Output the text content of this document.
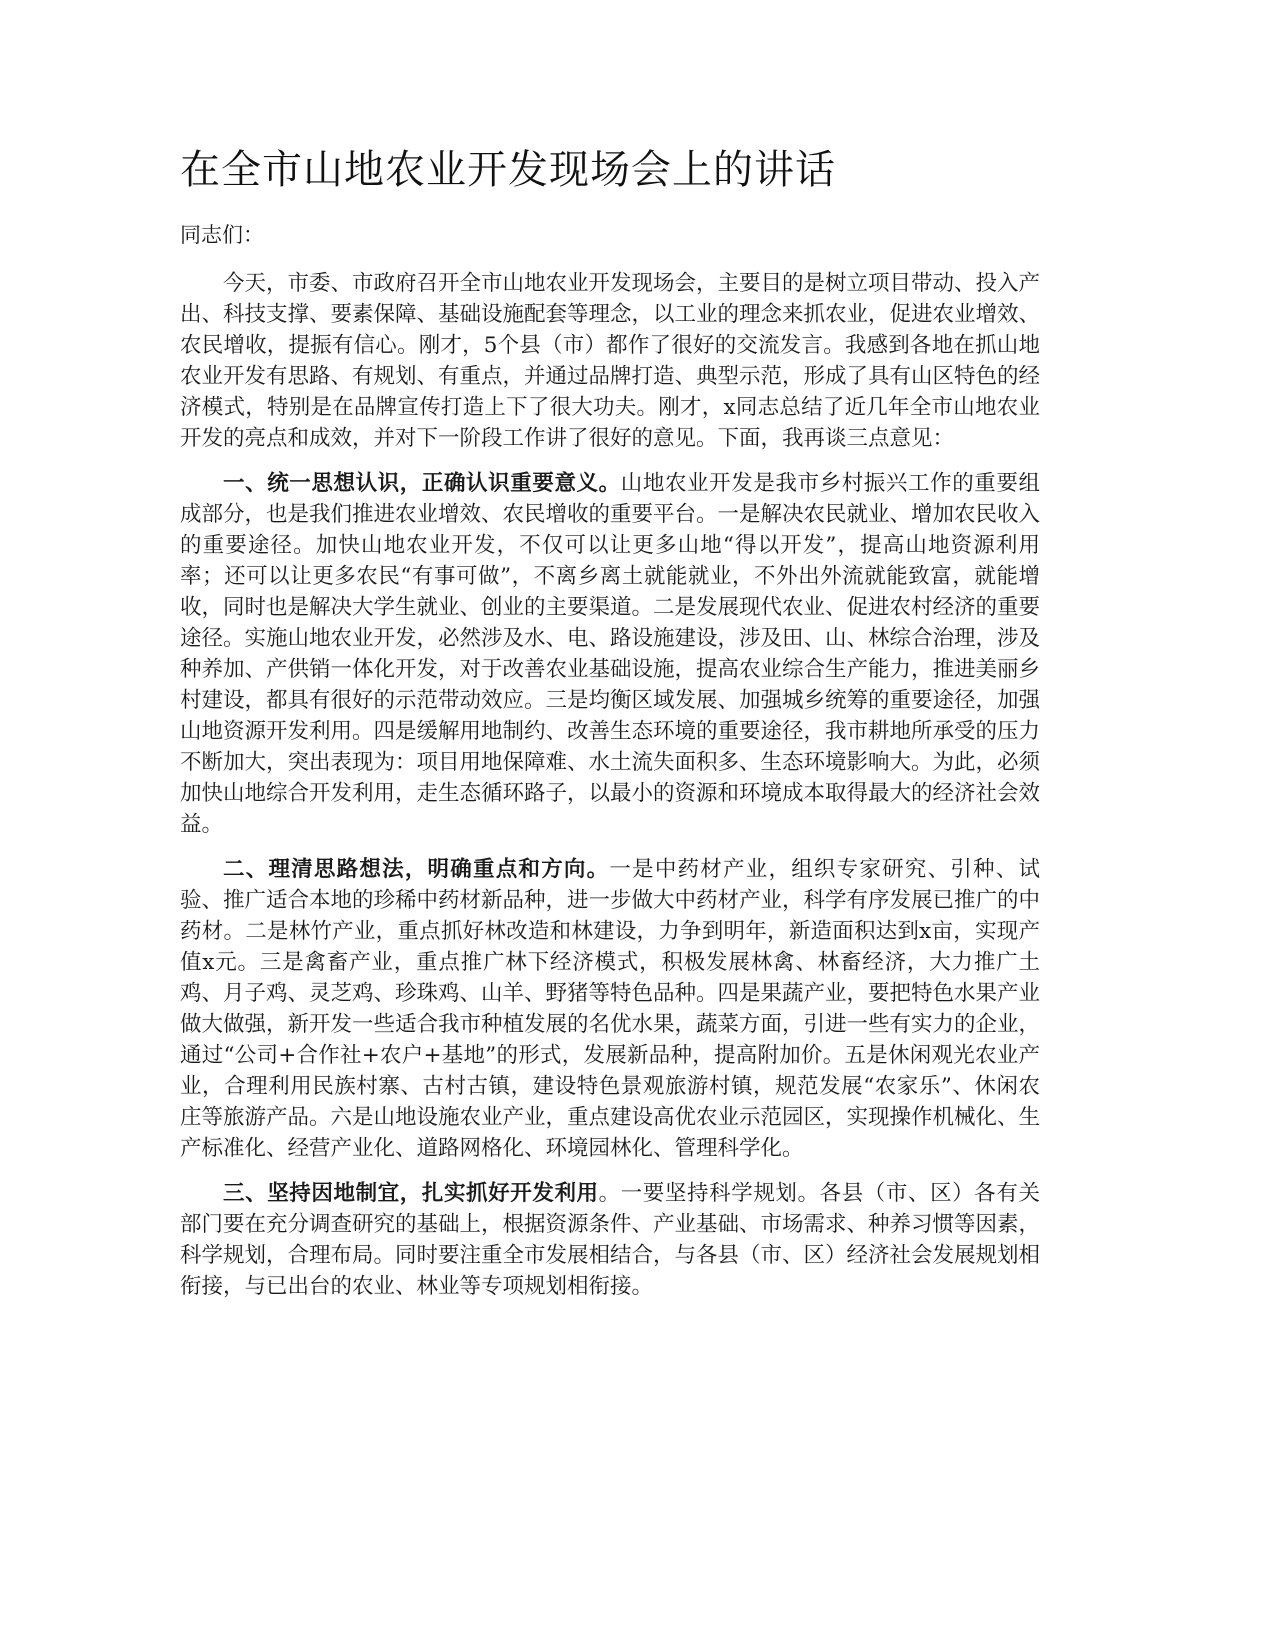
在全市山地农业开发现场会上的讲话

同志们：

今天，市委、市政府召开全市山地农业开发现场会，主要目的是树立项目带动、投入产出、科技支撑、要素保障、基础设施配套等理念，以工业的理念来抓农业，促进农业增效、农民增收，提振有信心。刚才，5个县（市）都作了很好的交流发言。我感到各地在抓山地农业开发有思路、有规划、有重点，并通过品牌打造、典型示范，形成了具有山区特色的经济模式，特别是在品牌宣传打造上下了很大功夫。刚才，x同志总结了近几年全市山地农业开发的亮点和成效，并对下一阶段工作讲了很好的意见。下面，我再谈三点意见：

一、统一思想认识，正确认识重要意义。山地农业开发是我市乡村振兴工作的重要组成部分，也是我们推进农业增效、农民增收的重要平台。一是解决农民就业、增加农民收入的重要途径。加快山地农业开发，不仅可以让更多山地“得以开发”，提高山地资源利用率；还可以让更多农民“有事可做”，不离乡离土就能就业，不外出外流就能致富，就能增收，同时也是解决大学生就业、创业的主要渠道。二是发展现代农业、促进农村经济的重要途径。实施山地农业开发，必然涉及水、电、路设施建设，涉及田、山、林综合治理，涉及种养加、产供销一体化开发，对于改善农业基础设施，提高农业综合生产能力，推进美丽乡村建设，都具有很好的示范带动效应。三是均衡区域发展、加强城乡统筹的重要途径，加强山地资源开发利用。四是缓解用地制约、改善生态环境的重要途径，我市耕地所承受的压力不断加大，突出表现为：项目用地保障难、水土流失面积多、生态环境影响大。为此，必须加快山地综合开发利用，走生态循环路子，以最小的资源和环境成本取得最大的经济社会效益。

二、理清思路想法，明确重点和方向。一是中药材产业，组织专家研究、引种、试验、推广适合本地的珍稀中药材新品种，进一步做大中药材产业，科学有序发展已推广的中药材。二是林竹产业，重点抓好林改造和林建设，力争到明年，新造面积达到x亩，实现产值x元。三是禽畜产业，重点推广林下经济模式，积极发展林禽、林畜经济，大力推广土鸡、月子鸡、灵芝鸡、珍珠鸡、山羊、野猪等特色品种。四是果蔬产业，要把特色水果产业做大做强，新开发一些适合我市种植发展的名优水果，蔬菜方面，引进一些有实力的企业，通过“公司+合作社+农户+基地”的形式，发展新品种，提高附加价。五是休闲观光农业产业，合理利用民族村寨、古村古镇，建设特色景观旅游村镇，规范发展“农家乐”、休闲农庄等旅游产品。六是山地设施农业产业，重点建设高优农业示范园区，实现操作机械化、生产标准化、经营产业化、道路网格化、环境园林化、管理科学化。

三、坚持因地制宜，扎实抓好开发利用。一要坚持科学规划。各县（市、区）各有关部门要在充分调查研究的基础上，根据资源条件、产业基础、市场需求、种养习惯等因素，科学规划，合理布局。同时要注重全市发展相结合，与各县（市、区）经济社会发展规划相衔接，与已出台的农业、林业等专项规划相衔接。
